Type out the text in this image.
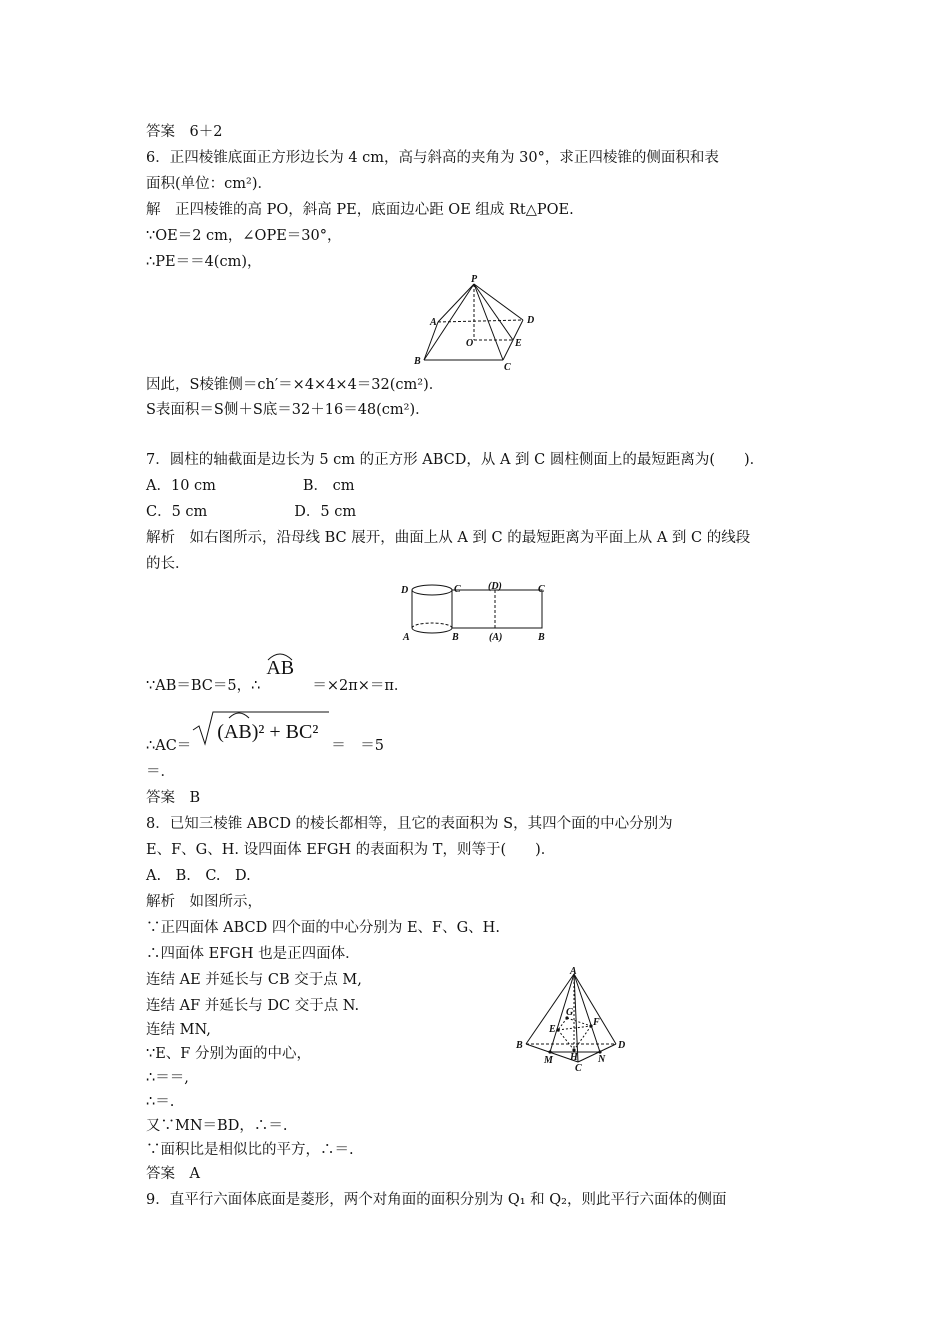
答案　6＋2
6．正四棱锥底面正方形边长为 4 cm，高与斜高的夹角为 30°，求正四棱锥的侧面积和表
面积(单位：cm²)．
解　正四棱锥的高 PO，斜高 PE，底面边心距 OE 组成 Rt△POE.
∵OE＝2 cm，∠OPE＝30°，
∴PE＝＝4(cm)，
P
A	D
O	E
B
C
因此，S棱锥侧＝ch′＝×4×4×4＝32(cm²)．
S表面积＝S侧＋S底＝32＋16＝48(cm²)．
7．圆柱的轴截面是边长为 5 cm 的正方形 ABCD，从 A 到 C 圆柱侧面上的最短距离为(　　)．
A．10 cm　　　　　　B． cm
C．5 cm　　　　　　D．5 cm
解析　如右图所示，沿母线 BC 展开，曲面上从 A 到 C 的最短距离为平面上从 A 到 C 的线段
的长．
D	C	(D)	C
A	B	(A)	B
∵AB＝BC＝5，∴
AB
＝×2π×＝π．
∴AC＝
(AB)² + BC²
＝　＝5
＝．
答案　B
8．已知三棱锥 ABCD 的棱长都相等，且它的表面积为 S，其四个面的中心分别为
E、F、G、H. 设四面体 EFGH 的表面积为 T，则等于(　　)．
A.　B.　C.　D.
解析　如图所示，
∵正四面体 ABCD 四个面的中心分别为 E、F、G、H.
∴四面体 EFGH 也是正四面体．
连结 AE 并延长与 CB 交于点 M,
连结 AF 并延长与 DC 交于点 N.
连结 MN,
∵E、F 分别为面的中心，
∴＝＝,
∴＝.
又∵MN＝BD，∴＝.
∵面积比是相似比的平方，∴＝.
答案　A
9．直平行六面体底面是菱形，两个对角面的面积分别为 Q₁ 和 Q₂，则此平行六面体的侧面
A
G
F
E
B	D
M H N
C
